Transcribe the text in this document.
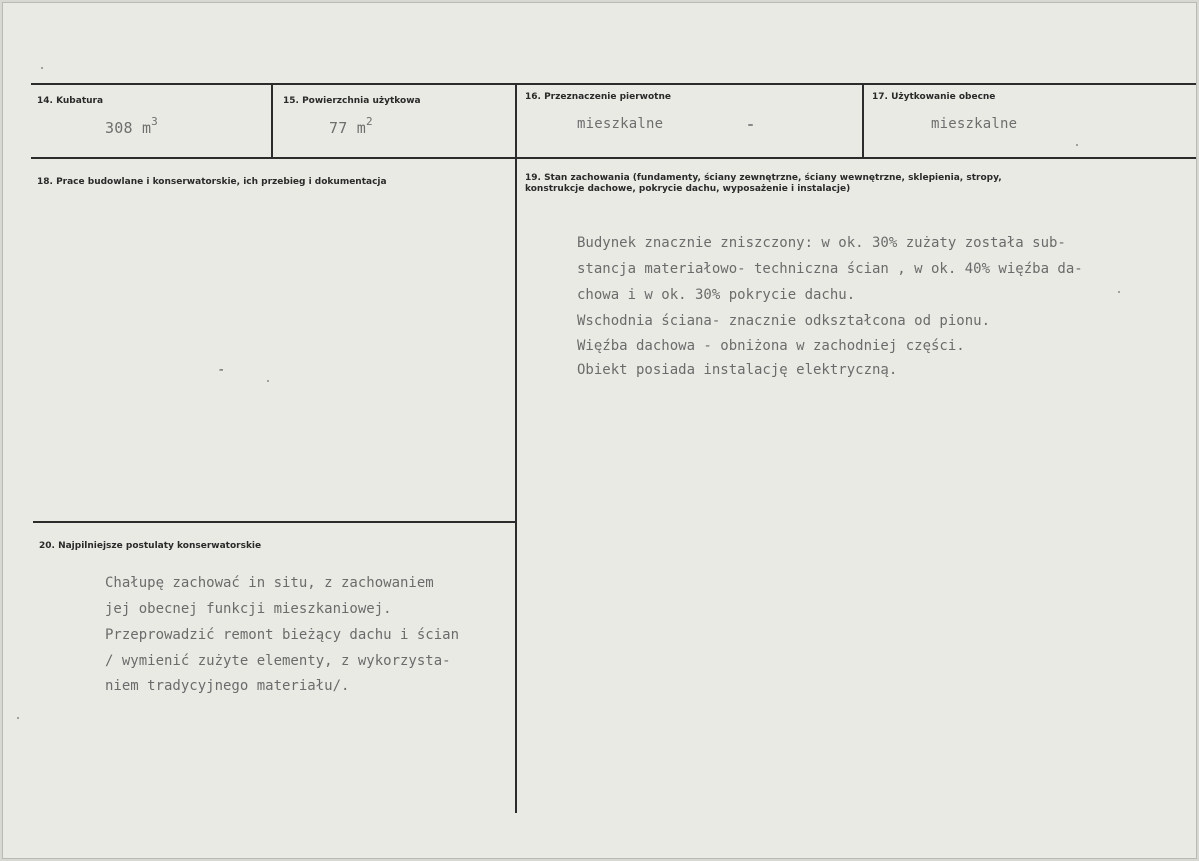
14. Kubatura
308 $m^3$
15. Powierzchnia użytkowa
77 $m^2$
16. Przeznaczenie pierwotne
mieszkalne
17. Użytkowanie obecne
mieszkalne
18. Prace budowlane i konserwatorskie, ich przebieg i dokumentacja
-
19. Stan zachowania (fundamenty, ściany zewnętrzne, ściany wewnętrzne, sklepienia, stropy, konstrukcje dachowe, pokrycie dachu, wyposażenie i instalacje)
Budynek znacznie zniszczony: w ok. 30% zużaty została sub-
stancja materiałowo- techniczna ścian , w ok. 40% więźba da-
chowa i w ok. 30% pokrycie dachu.
Wschodnia ściana- znacznie odkształcona od pionu.
Więźba dachowa - obniżona w zachodniej części.
Obiekt posiada instalację elektryczną.
20. Najpilniejsze postulaty konserwatorskie
Chałupę zachować in situ, z zachowaniem
jej obecnej funkcji mieszkaniowej.
Przeprowadzić remont bieżący dachu i ścian
/ wymienić zużyte elementy, z wykorzysta-
niem tradycyjnego materiału/.
